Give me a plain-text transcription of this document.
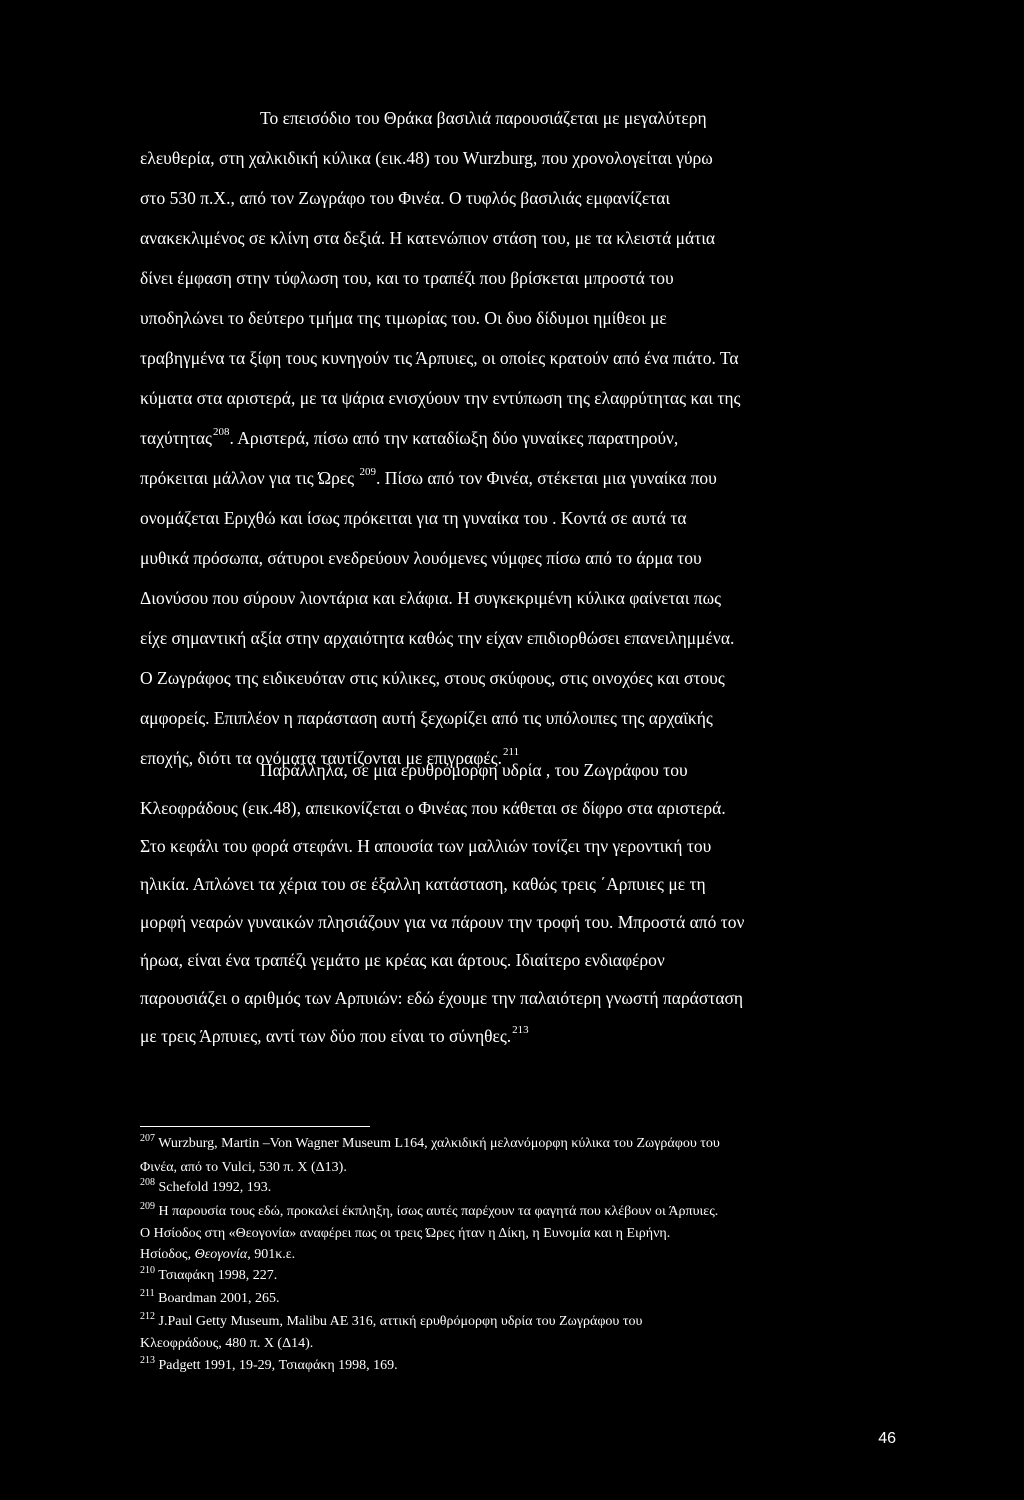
Το επεισόδιο του Θράκα βασιλιά παρουσιάζεται με μεγαλύτερη
ελευθερία, στη χαλκιδική κύλικα (εικ.48) του Wurzburg, που χρονολογείται γύρω
στο 530 π.Χ., από τον Ζωγράφο του Φινέα. Ο τυφλός βασιλιάς εμφανίζεται
ανακεκλιμένος σε κλίνη στα δεξιά. Η κατενώπιον στάση του, με τα κλειστά μάτια
δίνει έμφαση στην τύφλωση του, και το τραπέζι που βρίσκεται μπροστά του
υποδηλώνει το δεύτερο τμήμα της τιμωρίας του. Οι δυο δίδυμοι ημίθεοι με
τραβηγμένα τα ξίφη τους κυνηγούν τις Άρπυιες, οι οποίες κρατούν από ένα πιάτο. Τα
κύματα στα αριστερά, με τα ψάρια ενισχύουν την εντύπωση της ελαφρύτητας και της
ταχύτητας$^{208}$. Αριστερά, πίσω από την καταδίωξη δύο γυναίκες παρατηρούν,
πρόκειται μάλλον για τις Ώρες $^{209}$. Πίσω από τον Φινέα, στέκεται μια γυναίκα που
ονομάζεται Εριχθώ και ίσως πρόκειται για τη γυναίκα του . Κοντά σε αυτά τα
μυθικά πρόσωπα, σάτυροι ενεδρεύουν λουόμενες νύμφες πίσω από το άρμα του
Διονύσου που σύρουν λιοντάρια και ελάφια. Η συγκεκριμένη κύλικα φαίνεται πως
είχε σημαντική αξία στην αρχαιότητα καθώς την είχαν επιδιορθώσει επανειλημμένα.
Ο Ζωγράφος της ειδικευόταν στις κύλικες, στους σκύφους, στις οινοχόες και στους
αμφορείς. Επιπλέον η παράσταση αυτή ξεχωρίζει από τις υπόλοιπες της αρχαϊκής
εποχής, διότι τα ονόματα ταυτίζονται με επιγραφές.$^{211}$
Παράλληλα, σε μια ερυθρόμορφη υδρία , του Ζωγράφου του
Κλεοφράδους (εικ.48), απεικονίζεται ο Φινέας που κάθεται σε δίφρο στα αριστερά.
Στο κεφάλι του φορά στεφάνι. Η απουσία των μαλλιών τονίζει την γεροντική του
ηλικία. Απλώνει τα χέρια του σε έξαλλη κατάσταση, καθώς τρεις ΄Αρπυιες με τη
μορφή νεαρών γυναικών πλησιάζουν για να πάρουν την τροφή του. Μπροστά από τον
ήρωα, είναι ένα τραπέζι γεμάτο με κρέας και άρτους. Ιδιαίτερο ενδιαφέρον
παρουσιάζει ο αριθμός των Αρπυιών: εδώ έχουμε την παλαιότερη γνωστή παράσταση
με τρεις Άρπυιες, αντί των δύο που είναι το σύνηθες.$^{213}$
$^{207}$ Wurzburg, Martin –Von Wagner Museum L164, χαλκιδική μελανόμορφη κύλικα του Ζωγράφου του
Φινέα, από το Vulci, 530 π. Χ (Δ13).
$^{208}$ Schefold 1992, 193.
$^{209}$ Η παρουσία τους εδώ, προκαλεί έκπληξη, ίσως αυτές παρέχουν τα φαγητά που κλέβουν οι Άρπυιες.
Ο Ησίοδος στη «Θεογονία» αναφέρει πως οι τρεις Ώρες ήταν η Δίκη, η Ευνομία και η Ειρήνη.
Ησίοδος, Θεογονία, 901κ.ε.
$^{210}$ Τσιαφάκη 1998, 227.
$^{211}$ Boardman 2001, 265.
$^{212}$ J.Paul Getty Museum, Malibu AE 316, αττική ερυθρόμορφη υδρία του Ζωγράφου του
Κλεοφράδους, 480 π. Χ (Δ14).
$^{213}$ Padgett 1991, 19-29, Τσιαφάκη 1998, 169.
46
